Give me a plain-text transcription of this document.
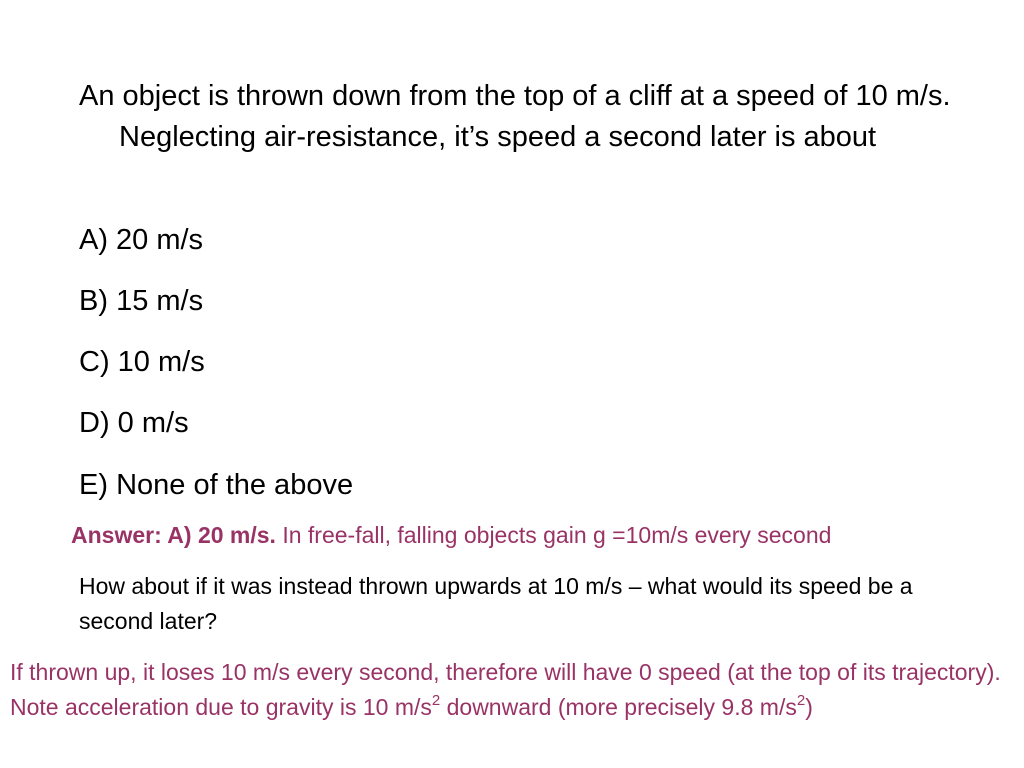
An object is thrown down from the top of a cliff at a speed of 10 m/s. Neglecting air-resistance, it’s speed a second later is about
A) 20 m/s
B) 15 m/s
C) 10 m/s
D) 0 m/s
E) None of the above
Answer: A) 20 m/s. In free-fall, falling objects gain g =10m/s every second
How about if it was instead thrown upwards at 10 m/s – what would its speed be a second later?
If thrown up, it loses 10 m/s every second, therefore will have 0 speed (at the top of its trajectory). Note acceleration due to gravity is 10 $m/s^2$ downward (more precisely 9.8 $m/s^2$)
